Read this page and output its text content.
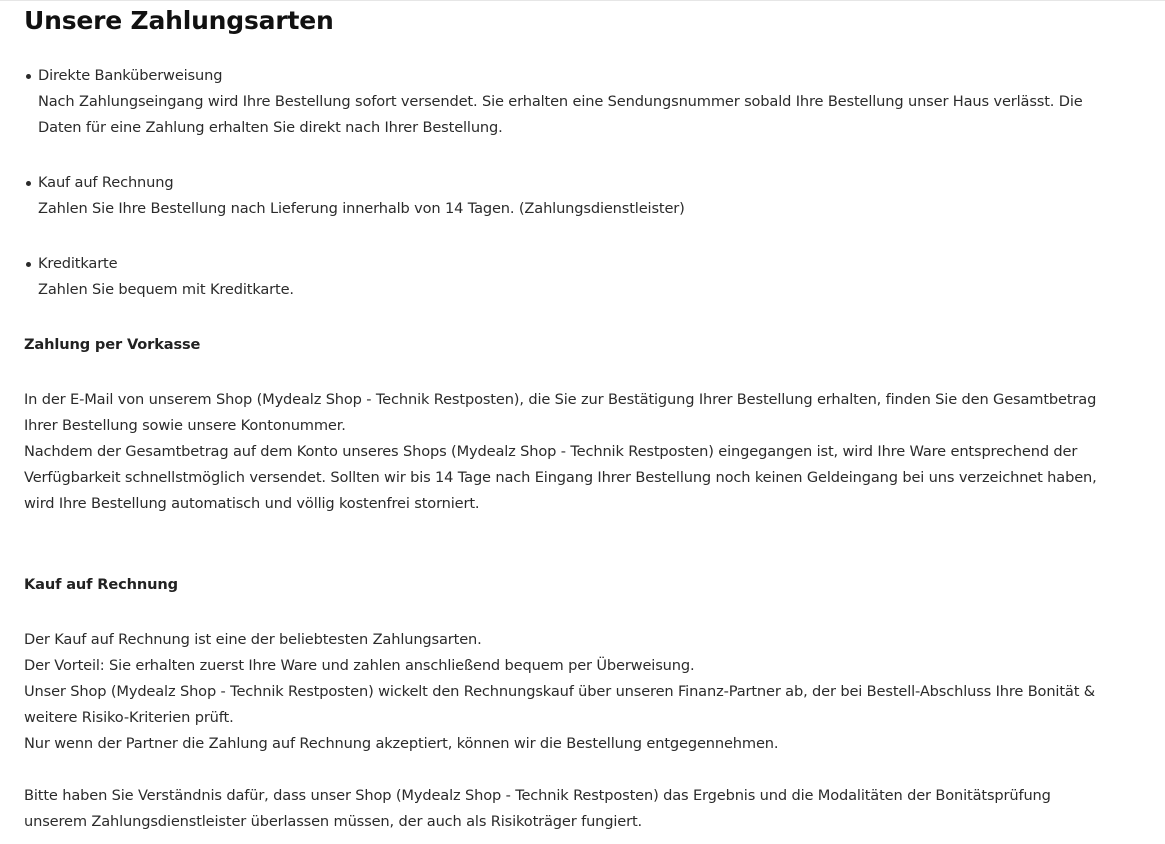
Unsere Zahlungsarten
Direkte Banküberweisung
Nach Zahlungseingang wird Ihre Bestellung sofort versendet. Sie erhalten eine Sendungsnummer sobald Ihre Bestellung unser Haus verlässt. Die
Daten für eine Zahlung erhalten Sie direkt nach Ihrer Bestellung.
Kauf auf Rechnung
Zahlen Sie Ihre Bestellung nach Lieferung innerhalb von 14 Tagen. (Zahlungsdienstleister)
Kreditkarte
Zahlen Sie bequem mit Kreditkarte.
Zahlung per Vorkasse
In der E-Mail von unserem Shop (Mydealz Shop - Technik Restposten), die Sie zur Bestätigung Ihrer Bestellung erhalten, finden Sie den Gesamtbetrag
Ihrer Bestellung sowie unsere Kontonummer.
Nachdem der Gesamtbetrag auf dem Konto unseres Shops (Mydealz Shop - Technik Restposten) eingegangen ist, wird Ihre Ware entsprechend der
Verfügbarkeit schnellstmöglich versendet. Sollten wir bis 14 Tage nach Eingang Ihrer Bestellung noch keinen Geldeingang bei uns verzeichnet haben,
wird Ihre Bestellung automatisch und völlig kostenfrei storniert.
Kauf auf Rechnung
Der Kauf auf Rechnung ist eine der beliebtesten Zahlungsarten.
Der Vorteil: Sie erhalten zuerst Ihre Ware und zahlen anschließend bequem per Überweisung.
Unser Shop (Mydealz Shop - Technik Restposten) wickelt den Rechnungskauf über unseren Finanz-Partner ab, der bei Bestell-Abschluss Ihre Bonität &
weitere Risiko-Kriterien prüft.
Nur wenn der Partner die Zahlung auf Rechnung akzeptiert, können wir die Bestellung entgegennehmen.
Bitte haben Sie Verständnis dafür, dass unser Shop (Mydealz Shop - Technik Restposten) das Ergebnis und die Modalitäten der Bonitätsprüfung
unserem Zahlungsdienstleister überlassen müssen, der auch als Risikoträger fungiert.
